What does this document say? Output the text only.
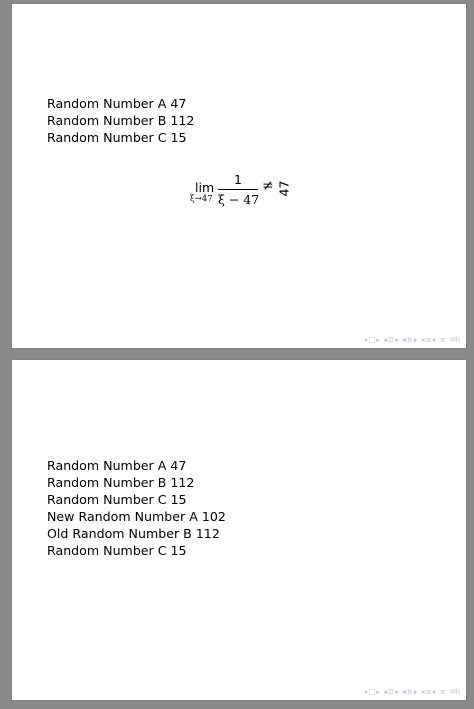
Random Number A 47
Random Number B 112
Random Number C 15
lim
ξ→47
1
ξ − 47
≠ 47
◂ □ ▸ ◂ ⊡ ▸ ◂ ≡ ▸ ◂ ≡ ▸ ≡ ↺↻
Random Number A 47
Random Number B 112
Random Number C 15
New Random Number A 102
Old Random Number B 112
Random Number C 15
◂ □ ▸ ◂ ⊡ ▸ ◂ ≡ ▸ ◂ ≡ ▸ ≡ ↺↻
